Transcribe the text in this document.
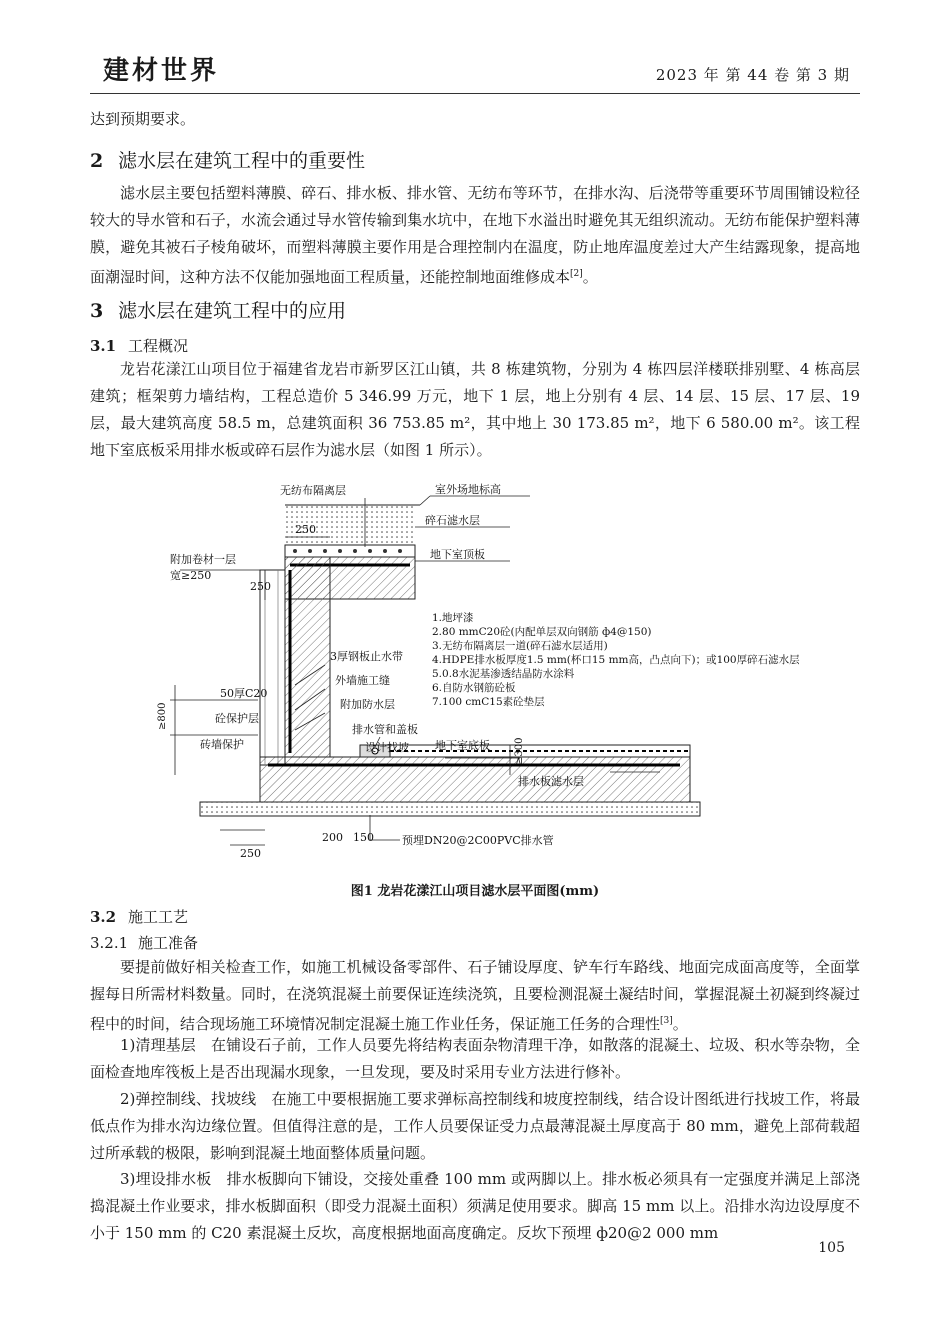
建材世界	2023 年 第 44 卷 第 3 期
达到预期要求。
2 滤水层在建筑工程中的重要性
滤水层主要包括塑料薄膜、碎石、排水板、排水管、无纺布等环节，在排水沟、后浇带等重要环节周围铺设粒径较大的导水管和石子，水流会通过导水管传输到集水坑中，在地下水溢出时避免其无组织流动。无纺布能保护塑料薄膜，避免其被石子棱角破坏，而塑料薄膜主要作用是合理控制内在温度，防止地库温度差过大产生结露现象，提高地面潮湿时间，这种方法不仅能加强地面工程质量，还能控制地面维修成本[2]。
3 滤水层在建筑工程中的应用
3.1 工程概况
龙岩花漾江山项目位于福建省龙岩市新罗区江山镇，共 8 栋建筑物，分别为 4 栋四层洋楼联排别墅、4 栋高层建筑；框架剪力墙结构，工程总造价 5 346.99 万元，地下 1 层，地上分别有 4 层、14 层、15 层、17 层、19 层，最大建筑高度 58.5 m，总建筑面积 36 753.85 m²，其中地上 30 173.85 m²，地下 6 580.00 m²。该工程地下室底板采用排水板或碎石层作为滤水层（如图 1 所示）。
无纺布隔离层	室外场地标高
碎石滤水层
地下室顶板
250
附加卷材一层
宽≥250
250
3厚钢板止水带
外墙施工缝
附加防水层
50厚C20
砼保护层
砖墙保护
≥800	排水管和盖板
设计找坡 地下室底板 ≥300
排水板滤水层
200 150
250
预埋DN20@2C00PVC排水管
1.地坪漆
2.80 mmC20砼(内配单层双向钢筋 ф4@150)
3.无纺布隔离层一道(碎石滤水层适用)
4.HDPE排水板厚度1.5 mm(杯口15 mm高，凸点向下)；或100厚碎石滤水层
5.0.8水泥基渗透结晶防水涂料
6.自防水钢筋砼板
7.100 cmC15素砼垫层
图1 龙岩花漾江山项目滤水层平面图(mm)
3.2 施工工艺
3.2.1 施工准备
要提前做好相关检查工作，如施工机械设备零部件、石子铺设厚度、铲车行车路线、地面完成面高度等，全面掌握每日所需材料数量。同时，在浇筑混凝土前要保证连续浇筑，且要检测混凝土凝结时间，掌握混凝土初凝到终凝过程中的时间，结合现场施工环境情况制定混凝土施工作业任务，保证施工任务的合理性[3]。
1)清理基层  在铺设石子前，工作人员要先将结构表面杂物清理干净，如散落的混凝土、垃圾、积水等杂物，全面检查地库筏板上是否出现漏水现象，一旦发现，要及时采用专业方法进行修补。
2)弹控制线、找坡线  在施工中要根据施工要求弹标高控制线和坡度控制线，结合设计图纸进行找坡工作，将最低点作为排水沟边缘位置。但值得注意的是，工作人员要保证受力点最薄混凝土厚度高于 80 mm，避免上部荷载超过所承载的极限，影响到混凝土地面整体质量问题。
3)埋设排水板  排水板脚向下铺设，交接处重叠 100 mm 或两脚以上。排水板必须具有一定强度并满足上部浇捣混凝土作业要求，排水板脚面积（即受力混凝土面积）须满足使用要求。脚高 15 mm 以上。沿排水沟边设厚度不小于 150 mm 的 C20 素混凝土反坎，高度根据地面高度确定。反坎下预埋 ф20@2 000 mm
105
